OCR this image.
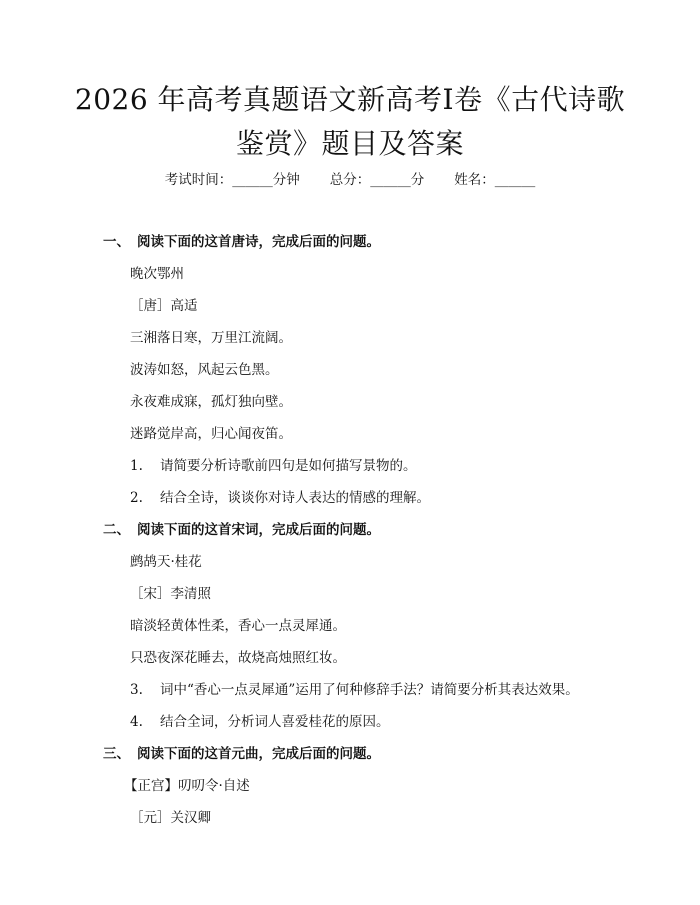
2026 年高考真题语文新高考Ⅰ卷《古代诗歌
鉴赏》题目及答案
考试时间：______分钟 总分：______分 姓名：______
一、 阅读下面的这首唐诗，完成后面的问题。
晚次鄂州
［唐］高适
三湘落日寒，万里江流阔。
波涛如怒，风起云色黑。
永夜难成寐，孤灯独向壁。
迷路觉岸高，归心闻夜笛。
1. 请简要分析诗歌前四句是如何描写景物的。
2. 结合全诗，谈谈你对诗人表达的情感的理解。
二、 阅读下面的这首宋词，完成后面的问题。
鹧鸪天·桂花
［宋］李清照
暗淡轻黄体性柔，香心一点灵犀通。
只恐夜深花睡去，故烧高烛照红妆。
3. 词中“香心一点灵犀通”运用了何种修辞手法？请简要分析其表达效果。
4. 结合全词，分析词人喜爱桂花的原因。
三、 阅读下面的这首元曲，完成后面的问题。
【正宫】叨叨令·自述
［元］关汉卿
